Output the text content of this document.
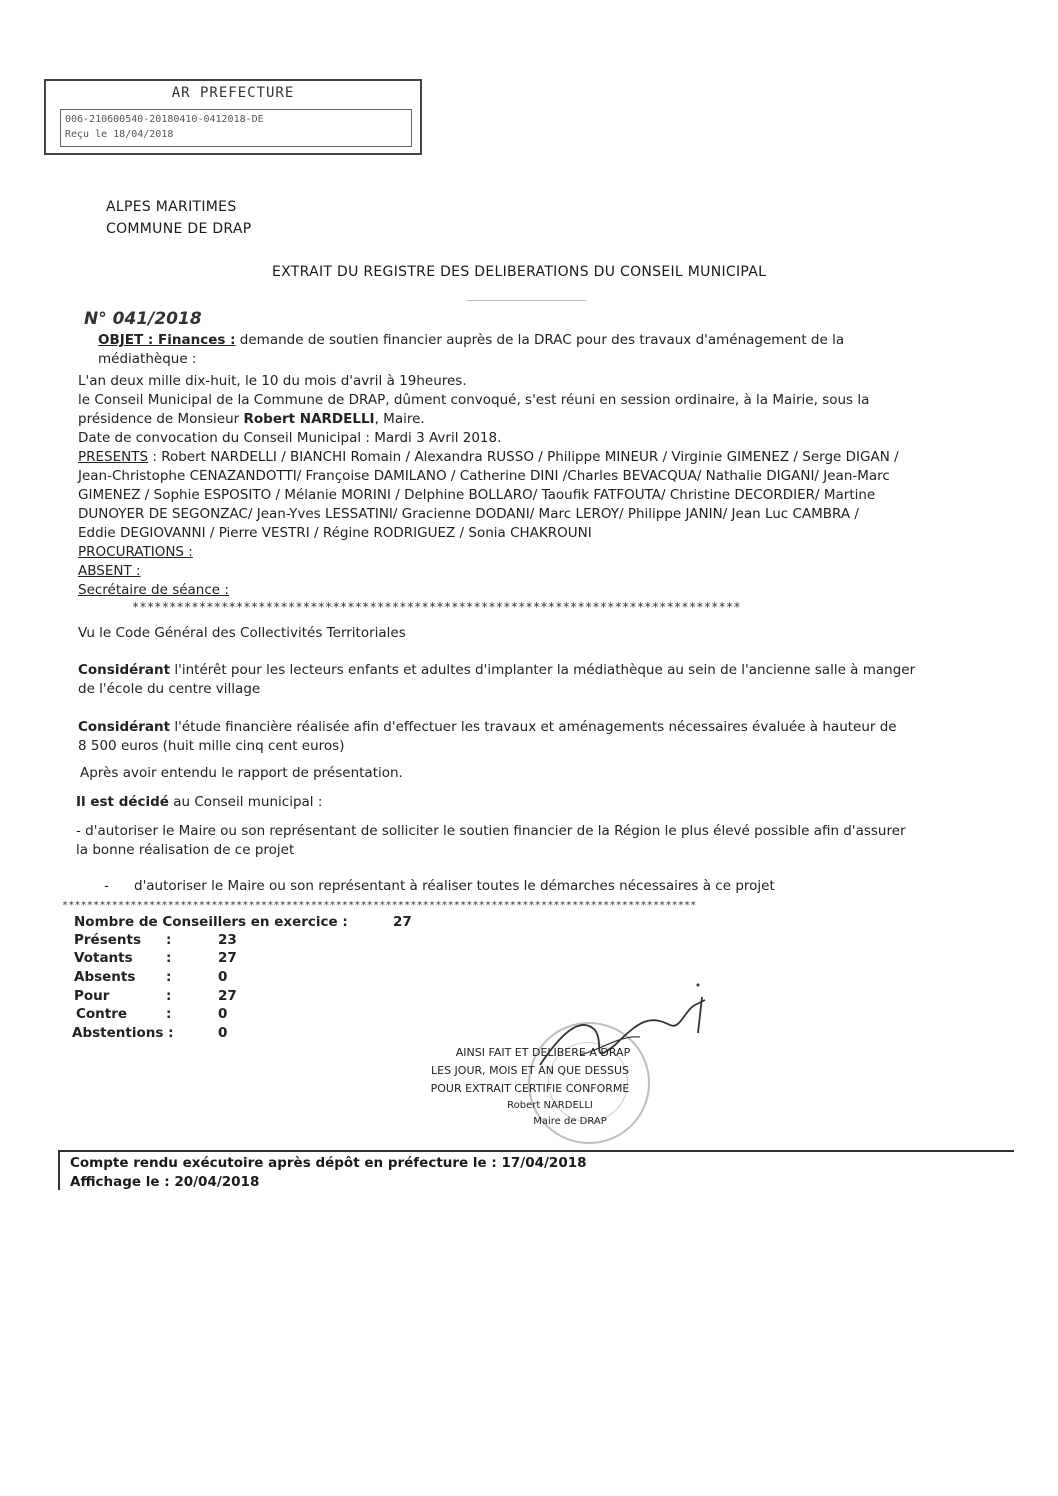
AR PREFECTURE
006-210600540-20180410-0412018-DE
Reçu le 18/04/2018
ALPES MARITIMES
COMMUNE DE DRAP
EXTRAIT DU REGISTRE DES DELIBERATIONS DU CONSEIL MUNICIPAL
N° 041/2018
OBJET : Finances : demande de soutien financier auprès de la DRAC pour des travaux d'aménagement de la
médiathèque :
L'an deux mille dix-huit, le 10 du mois d'avril à 19heures.
le Conseil Municipal de la Commune de DRAP, dûment convoqué, s'est réuni en session ordinaire, à la Mairie, sous la
présidence de Monsieur Robert NARDELLI, Maire.
Date de convocation du Conseil Municipal : Mardi 3 Avril 2018.
PRESENTS : Robert NARDELLI / BIANCHI Romain / Alexandra RUSSO / Philippe MINEUR / Virginie GIMENEZ / Serge DIGAN /
Jean-Christophe CENAZANDOTTI/ Françoise DAMILANO / Catherine DINI /Charles BEVACQUA/ Nathalie DIGANI/ Jean-Marc
GIMENEZ / Sophie ESPOSITO / Mélanie MORINI / Delphine BOLLARO/ Taoufik FATFOUTA/ Christine DECORDIER/ Martine
DUNOYER DE SEGONZAC/ Jean-Yves LESSATINI/ Gracienne DODANI/ Marc LEROY/ Philippe JANIN/ Jean Luc CAMBRA /
Eddie DEGIOVANNI / Pierre VESTRI / Régine RODRIGUEZ / Sonia CHAKROUNI
PROCURATIONS :
ABSENT :
Secrétaire de séance :
**********************************************************************************
Vu le Code Général des Collectivités Territoriales
Considérant l'intérêt pour les lecteurs enfants et adultes d'implanter la médiathèque au sein de l'ancienne salle à manger
de l'école du centre village
Considérant l'étude financière réalisée afin d'effectuer les travaux et aménagements nécessaires évaluée à hauteur de
8 500 euros (huit mille cinq cent euros)
Après avoir entendu le rapport de présentation.
Il est décidé au Conseil municipal :
- d'autoriser le Maire ou son représentant de solliciter le soutien financier de la Région le plus élevé possible afin d'assurer
la bonne réalisation de ce projet
- d'autoriser le Maire ou son représentant à réaliser toutes le démarches nécessaires à ce projet
******************************************************************************************************
Nombre de Conseillers en exercice :	27
Présents :	23
Votants :	27
Absents :	0
Pour	:	27
Contre	:	0
Abstentions :	0
AINSI FAIT ET DELIBERE A DRAP
LES JOUR, MOIS ET AN QUE DESSUS
POUR EXTRAIT CERTIFIE CONFORME
Robert NARDELLI
Maire de DRAP
Compte rendu exécutoire après dépôt en préfecture le : 17/04/2018
Affichage le : 20/04/2018
